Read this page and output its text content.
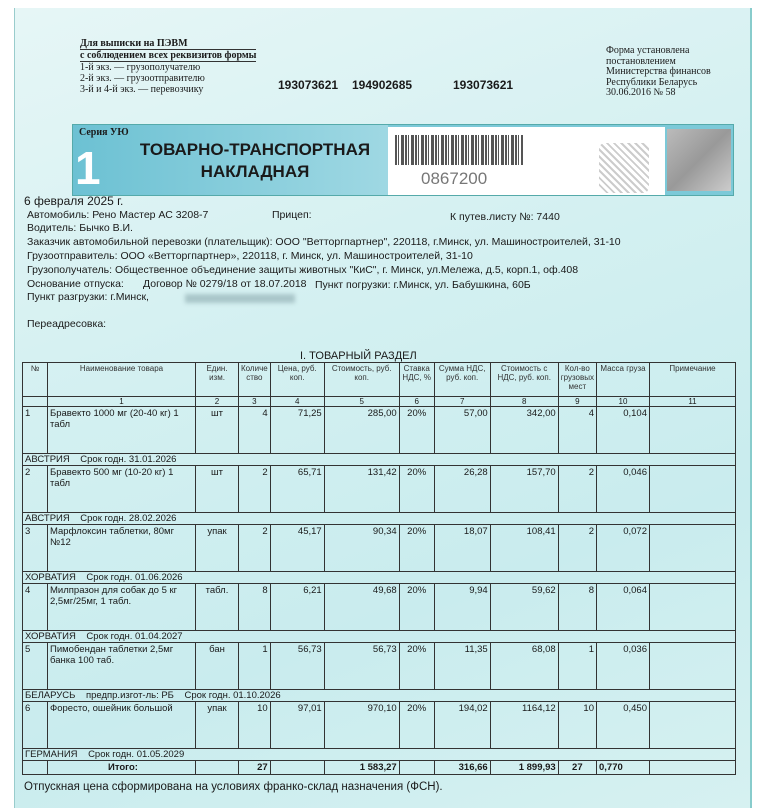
Для выписки на ПЭВМ
с соблюдением всех реквизитов формы
1-й экз. — грузополучателю
2-й экз. — грузоотправителю
3-й и 4-й экз. — перевозчику	193073621 194902685	193073621
Форма установлена
постановлением
Министерства финансов
Республики Беларусь
30.06.2016 № 58
Серия УЮ
1	ТОВАРНО-ТРАНСПОРТНАЯ
НАКЛАДНАЯ	0867200
6 февраля 2025 г.
Автомобиль: Рено Мастер АС 3208-7	Прицеп:	К путев.листу №: 7440
Водитель: Бычко В.И.
Заказчик автомобильной перевозки (плательщик): ООО "Ветторгпартнер", 220118, г.Минск, ул. Машиностроителей, 31-10
Грузоотправитель: ООО «Ветторгпартнер», 220118, г. Минск, ул. Машиностроителей, 31-10
Грузополучатель: Общественное объединение защиты животных "КиС", г. Минск, ул.Мележа, д.5, корп.1, оф.408
Основание отпуска: Договор № 0279/18 от 18.07.2018 Пункт погрузки: г.Минск, ул. Бабушкина, 60Б
Пункт разгрузки: г.Минск,
Переадресовка:
I. ТОВАРНЫЙ РАЗДЕЛ
№	Наименование товара	Един. изм.	Количе ство	Цена, руб. коп.	Стоимость, руб. коп.	Ставка НДС, %	Сумма НДС, руб. коп.	Стоимость с НДС, руб. коп.	Кол-во грузовых мест	Масса груза	Примечание
	1	2	3	4	5	6	7	8	9	10	11
1	Бравекто 1000 мг (20-40 кг) 1 табл	шт	4	71,25	285,00	20%	57,00	342,00	4	0,104	
АВСТРИЯ    Срок годн. 31.01.2026											
2	Бравекто 500 мг (10-20 кг) 1 табл	шт	2	65,71	131,42	20%	26,28	157,70	2	0,046	
АВСТРИЯ    Срок годн. 28.02.2026											
3	Марфлоксин таблетки, 80мг №12	упак	2	45,17	90,34	20%	18,07	108,41	2	0,072	
ХОРВАТИЯ    Срок годн. 01.06.2026											
4	Милпразон для собак до 5 кг 2,5мг/25мг, 1 табл.	табл.	8	6,21	49,68	20%	9,94	59,62	8	0,064	
ХОРВАТИЯ    Срок годн. 01.04.2027											
5	Пимобендан таблетки 2,5мг банка 100 таб.	бан	1	56,73	56,73	20%	11,35	68,08	1	0,036	
БЕЛАРУСЬ    предпр.изгот-ль: РБ    Срок годн. 01.10.2026											
6	Форесто, ошейник большой	упак	10	97,01	970,10	20%	194,02	1164,12	10	0,450	
ГЕРМАНИЯ    Срок годн. 01.05.2029											
	Итого:		27		1 583,27		316,66	1 899,93	27	0,770	
Отпускная цена сформирована на условиях франко-склад назначения (ФСН).
